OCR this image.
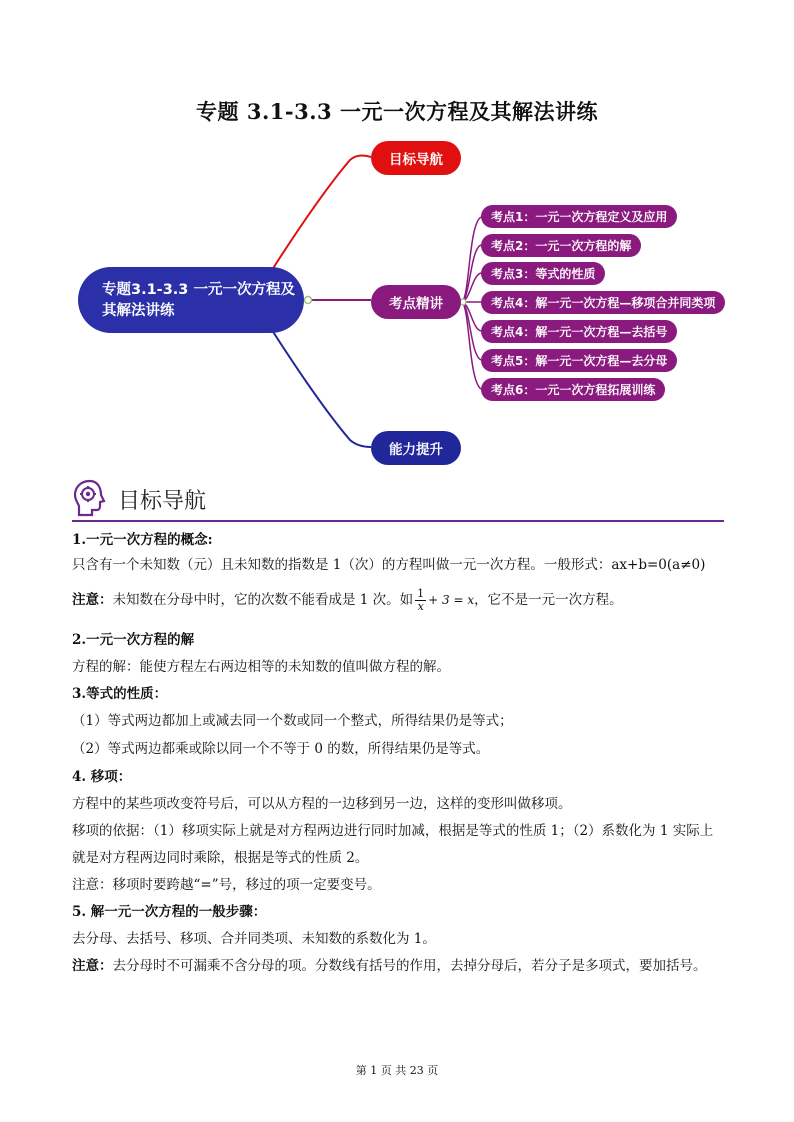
专题 3.1-3.3 一元一次方程及其解法讲练
专题3.1-3.3 一元一次方程及其解法讲练
目标导航
考点精讲
能力提升
考点1：一元一次方程定义及应用
考点2：一元一次方程的解
考点3：等式的性质
考点4：解一元一次方程—移项合并同类项
考点4：解一元一次方程—去括号
考点5：解一元一次方程—去分母
考点6：一元一次方程拓展训练
目标导航
1.一元一次方程的概念:
只含有一个未知数（元）且未知数的指数是 1（次）的方程叫做一元一次方程。一般形式：ax+b=0(a≠0)
注意：未知数在分母中时，它的次数不能看成是 1 次。如 $\frac{1}{x} + 3 = x$，它不是一元一次方程。
2.一元一次方程的解
方程的解：能使方程左右两边相等的未知数的值叫做方程的解。
3.等式的性质：
（1）等式两边都加上或减去同一个数或同一个整式，所得结果仍是等式；
（2）等式两边都乘或除以同一个不等于 0 的数，所得结果仍是等式。
4. 移项：
方程中的某些项改变符号后，可以从方程的一边移到另一边，这样的变形叫做移项。
移项的依据：（1）移项实际上就是对方程两边进行同时加减，根据是等式的性质 1；（2）系数化为 1 实际上
就是对方程两边同时乘除，根据是等式的性质 2。
注意：移项时要跨越“=”号，移过的项一定要变号。
5. 解一元一次方程的一般步骤：
去分母、去括号、移项、合并同类项、未知数的系数化为 1。
注意：去分母时不可漏乘不含分母的项。分数线有括号的作用，去掉分母后，若分子是多项式，要加括号。
第 1 页 共 23 页
